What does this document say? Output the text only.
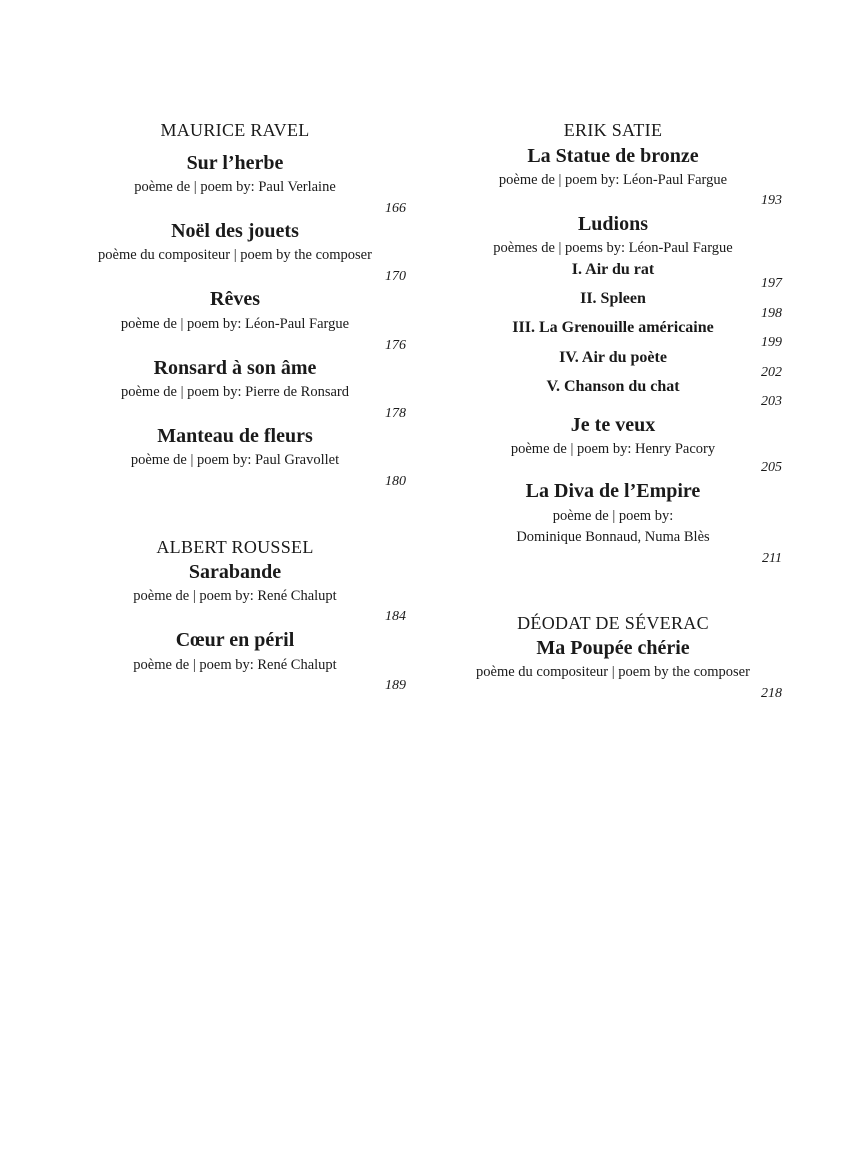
MAURICE RAVEL
Sur l’herbe
poème de | poem by: Paul Verlaine
166
Noël des jouets
poème du compositeur | poem by the composer
170
Rêves
poème de | poem by: Léon-Paul Fargue
176
Ronsard à son âme
poème de | poem by: Pierre de Ronsard
178
Manteau de fleurs
poème de | poem by: Paul Gravollet
180
ALBERT ROUSSEL
Sarabande
poème de | poem by: René Chalupt
184
Cœur en péril
poème de | poem by: René Chalupt
189
ERIK SATIE
La Statue de bronze
poème de | poem by: Léon-Paul Fargue
193
Ludions
poèmes de | poems by: Léon-Paul Fargue
I. Air du rat
197
II. Spleen
198
III. La Grenouille américaine
199
IV. Air du poète
202
V. Chanson du chat
203
Je te veux
poème de | poem by: Henry Pacory
205
La Diva de l’Empire
poème de | poem by:
Dominique Bonnaud, Numa Blès
211
DÉODAT DE SÉVERAC
Ma Poupée chérie
poème du compositeur | poem by the composer
218
